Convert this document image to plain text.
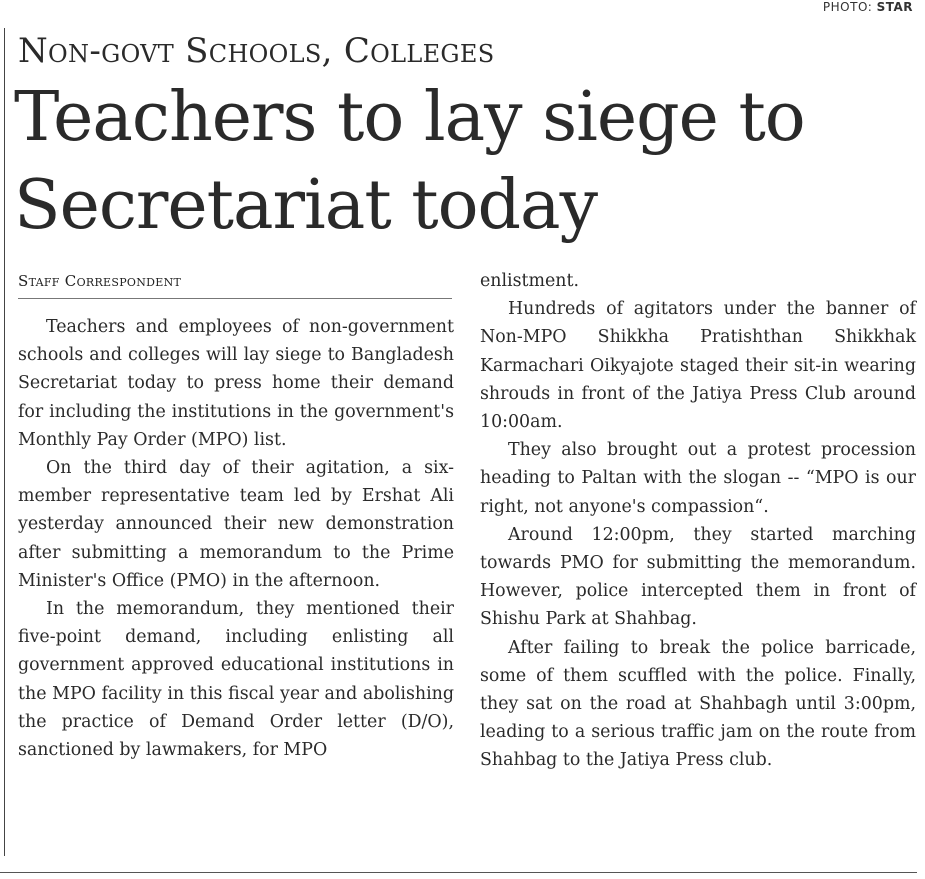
PHOTO: STAR
Non-govt Schools, Colleges
Teachers to lay siege to Secretariat today
Staff Correspondent

Teachers and employees of non-government schools and colleges will lay siege to Bangladesh Secretariat today to press home their demand for including the institutions in the government's Monthly Pay Order (MPO) list.

On the third day of their agitation, a six-member representative team led by Ershat Ali yesterday announced their new demonstration after submitting a memorandum to the Prime Minister's Office (PMO) in the afternoon.

In the memorandum, they mentioned their five-point demand, including enlisting all government approved educational institutions in the MPO facility in this fiscal year and abolishing the practice of Demand Order letter (D/O), sanctioned by lawmakers, for MPO

enlistment.

Hundreds of agitators under the banner of Non-MPO Shikkha Pratishthan Shikkhak Karmachari Oikyajote staged their sit-in wearing shrouds in front of the Jatiya Press Club around 10:00am.

They also brought out a protest procession heading to Paltan with the slogan -- “MPO is our right, not anyone's compassion“.

Around 12:00pm, they started marching towards PMO for submitting the memorandum. However, police intercepted them in front of Shishu Park at Shahbag.

After failing to break the police barricade, some of them scuffled with the police. Finally, they sat on the road at Shahbagh until 3:00pm, leading to a serious traffic jam on the route from Shahbag to the Jatiya Press club.
